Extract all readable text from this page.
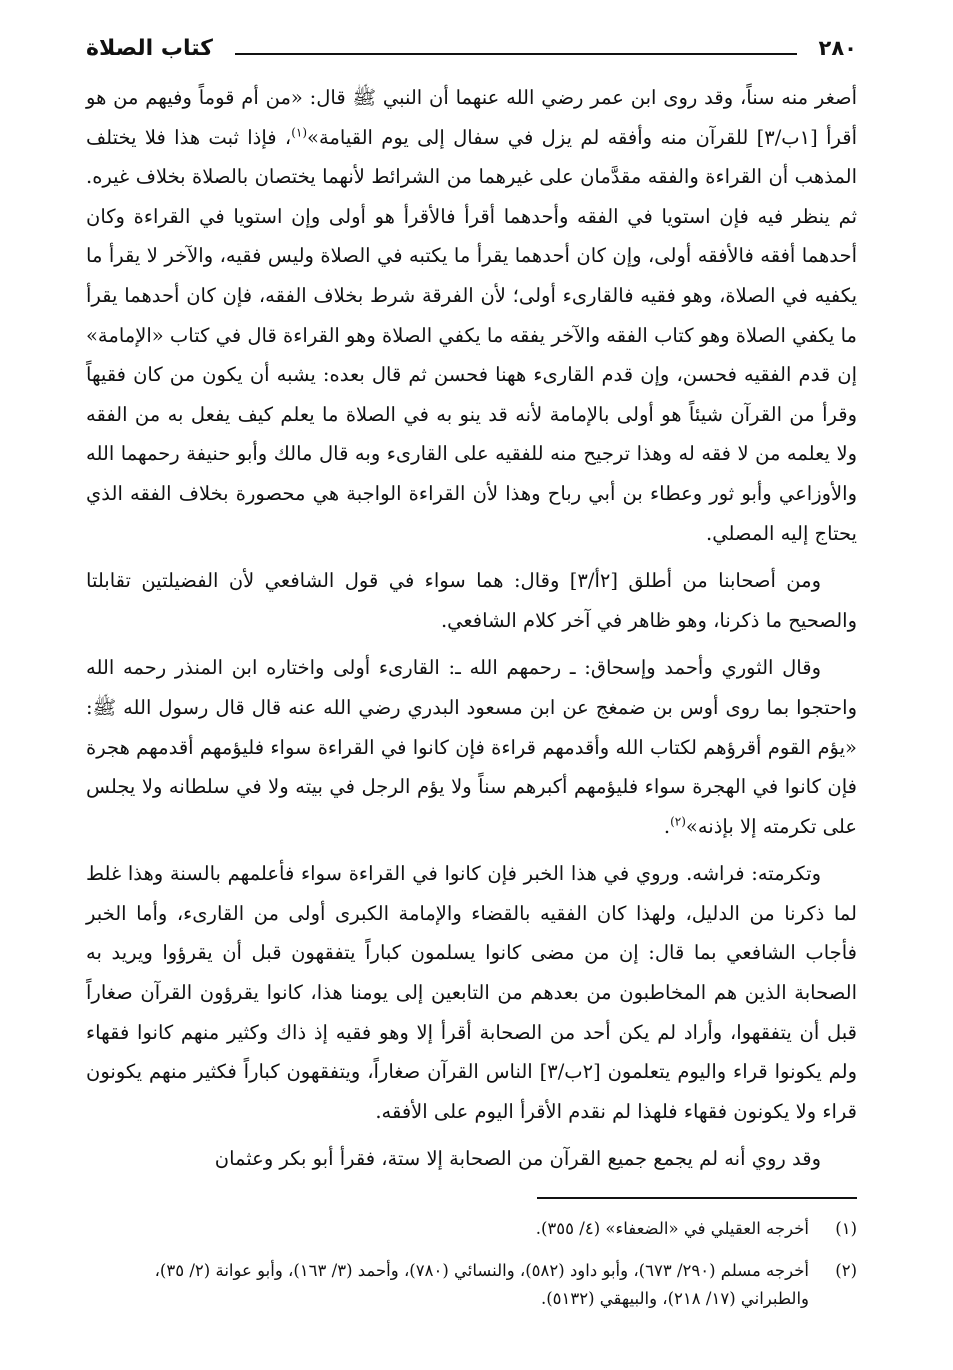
٢٨٠
كتاب الصلاة

أصغر منه سناً، وقد روى ابن عمر رضي الله عنهما أن النبي ﷺ قال: «من أم قوماً وفيهم من هو أقرأ [١ب/٣] للقرآن منه وأفقه لم يزل في سفال إلى يوم القيامة»$^{(١)}$، فإذا ثبت هذا فلا يختلف المذهب أن القراءة والفقه مقدَّمان على غيرهما من الشرائط لأنهما يختصان بالصلاة بخلاف غيره. ثم ينظر فيه فإن استويا في الفقه وأحدهما أقرأ فالأقرأ هو أولى وإن استويا في القراءة وكان أحدهما أفقه فالأفقه أولى، وإن كان أحدهما يقرأ ما يكتبه في الصلاة وليس فقيه، والآخر لا يقرأ ما يكفيه في الصلاة، وهو فقيه فالقارىء أولى؛ لأن الفرقة شرط بخلاف الفقه، فإن كان أحدهما يقرأ ما يكفي الصلاة وهو كتاب الفقه والآخر يفقه ما يكفي الصلاة وهو القراءة قال في كتاب «الإمامة» إن قدم الفقيه فحسن، وإن قدم القارىء ههنا فحسن ثم قال بعده: يشبه أن يكون من كان فقيهاً وقرأ من القرآن شيئاً هو أولى بالإمامة لأنه قد ينو به في الصلاة ما يعلم كيف يفعل به من الفقه ولا يعلمه من لا فقه له وهذا ترجيح منه للفقيه على القارىء وبه قال مالك وأبو حنيفة رحمهما الله والأوزاعي وأبو ثور وعطاء بن أبي رباح وهذا لأن القراءة الواجبة هي محصورة بخلاف الفقه الذي يحتاج إليه المصلي.

ومن أصحابنا من أطلق [٢أ/٣] وقال: هما سواء في قول الشافعي لأن الفضيلتين تقابلتا والصحيح ما ذكرنا، وهو ظاهر في آخر كلام الشافعي.

وقال الثوري وأحمد وإسحاق: ـ رحمهم الله ـ: القارىء أولى واختاره ابن المنذر رحمه الله واحتجوا بما روى أوس بن ضمغج عن ابن مسعود البدري رضي الله عنه قال قال رسول الله ﷺ: «يؤم القوم أقرؤهم لكتاب الله وأقدمهم قراءة فإن كانوا في القراءة سواء فليؤمهم أقدمهم هجرة فإن كانوا في الهجرة سواء فليؤمهم أكبرهم سناً ولا يؤم الرجل في بيته ولا في سلطانه ولا يجلس على تكرمته إلا بإذنه»$^{(٢)}$.

وتكرمته: فراشه. وروي في هذا الخبر فإن كانوا في القراءة سواء فأعلمهم بالسنة وهذا غلط لما ذكرنا من الدليل، ولهذا كان الفقيه بالقضاء والإمامة الكبرى أولى من القارىء، وأما الخبر فأجاب الشافعي بما قال: إن من مضى كانوا يسلمون كباراً يتفقهون قبل أن يقرؤوا ويريد به الصحابة الذين هم المخاطبون من بعدهم من التابعين إلى يومنا هذا، كانوا يقرؤون القرآن صغاراً قبل أن يتفقهوا، وأراد لم يكن أحد من الصحابة أقرأ إلا وهو فقيه إذ ذاك وكثير منهم كانوا فقهاء ولم يكونوا قراء واليوم يتعلمون [٢ب/٣] الناس القرآن صغاراً، ويتفقهون كباراً فكثير منهم يكونون قراء ولا يكونون فقهاء فلهذا لم نقدم الأقرأ اليوم على الأفقه.

وقد روي أنه لم يجمع جميع القرآن من الصحابة إلا ستة، فقرأ أبو بكر وعثمان

(١)
أخرجه العقيلي في «الضعفاء» (٤/ ٣٥٥).
(٢)
أخرجه مسلم (٢٩٠/ ٦٧٣)، وأبو داود (٥٨٢)، والنسائي (٧٨٠)، وأحمد (٣/ ١٦٣)، وأبو عوانة (٢/ ٣٥)، والطبراني (١٧/ ٢١٨)، والبيهقي (٥١٣٢).
